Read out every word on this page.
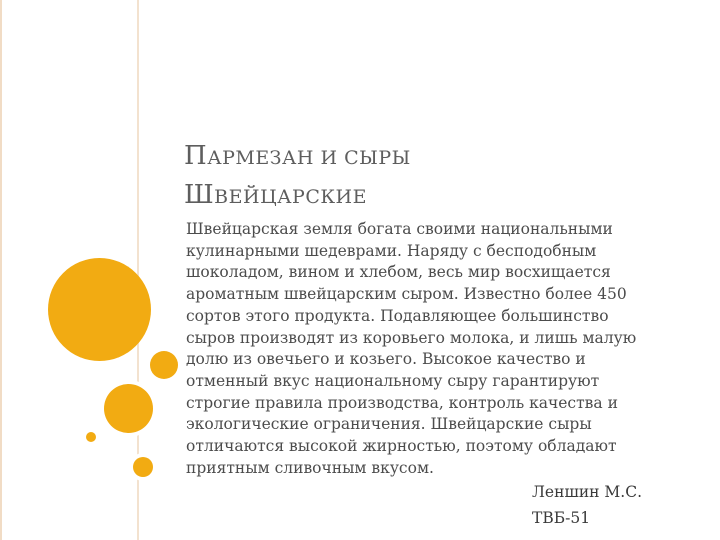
ПАРМЕЗАН И СЫРЫ
ШВЕЙЦАРСКИЕ

Швейцарская земля богата своими национальными кулинарными шедеврами. Наряду с бесподобным шоколадом, вином и хлебом, весь мир восхищается ароматным швейцарским сыром. Известно более 450 сортов этого продукта. Подавляющее большинство сыров производят из коровьего молока, и лишь малую долю из овечьего и козьего. Высокое качество и отменный вкус национальному сыру гарантируют строгие правила производства, контроль качества и экологические ограничения. Швейцарские сыры отличаются высокой жирностью, поэтому обладают приятным сливочным вкусом.

Леншин М.С.
ТВБ-51
